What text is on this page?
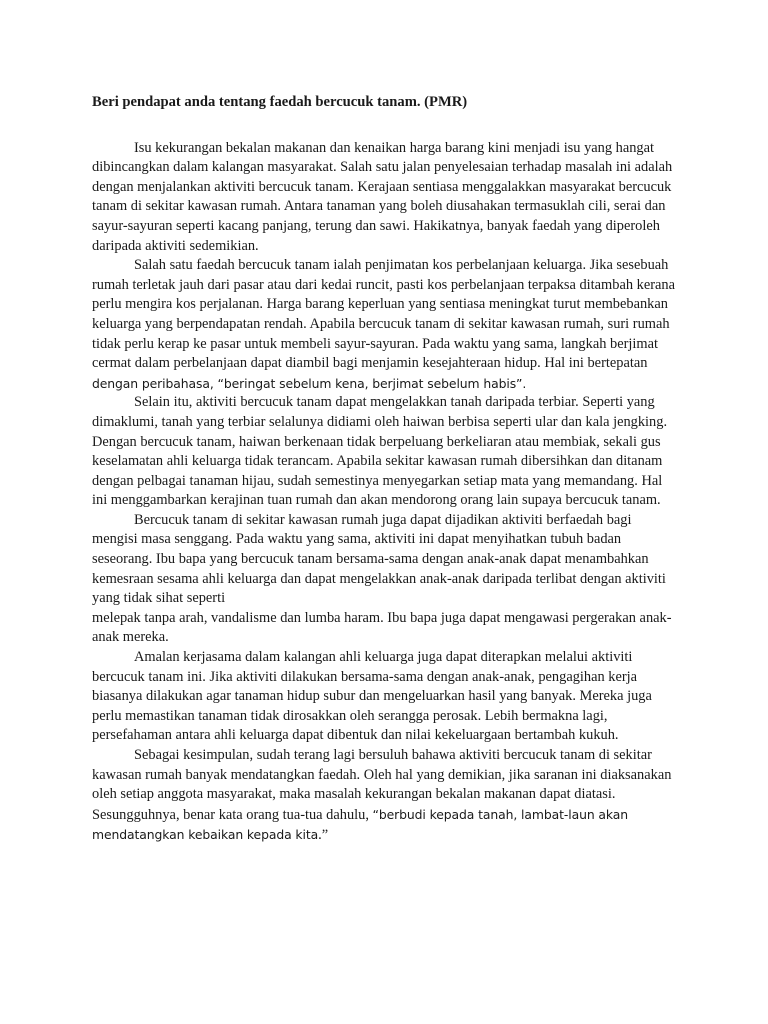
Beri pendapat anda tentang faedah bercucuk tanam. (PMR)
Isu kekurangan bekalan makanan dan kenaikan harga barang kini menjadi isu yang hangat
dibincangkan dalam kalangan masyarakat. Salah satu jalan penyelesaian terhadap masalah ini adalah
dengan menjalankan aktiviti bercucuk tanam. Kerajaan sentiasa menggalakkan masyarakat bercucuk
tanam di sekitar kawasan rumah. Antara tanaman yang boleh diusahakan termasuklah cili, serai dan
sayur-sayuran seperti kacang panjang, terung dan sawi. Hakikatnya, banyak faedah yang diperoleh
daripada aktiviti sedemikian.
Salah satu faedah bercucuk tanam ialah penjimatan kos perbelanjaan keluarga. Jika sesebuah
rumah terletak jauh dari pasar atau dari kedai runcit, pasti kos perbelanjaan terpaksa ditambah kerana
perlu mengira kos perjalanan. Harga barang keperluan yang sentiasa meningkat turut membebankan
keluarga yang berpendapatan rendah. Apabila bercucuk tanam di sekitar kawasan rumah, suri rumah
tidak perlu kerap ke pasar untuk membeli sayur-sayuran. Pada waktu yang sama, langkah berjimat
cermat dalam perbelanjaan dapat diambil bagi menjamin kesejahteraan hidup. Hal ini bertepatan
dengan peribahasa, “beringat sebelum kena, berjimat sebelum habis”.
Selain itu, aktiviti bercucuk tanam dapat mengelakkan tanah daripada terbiar. Seperti yang
dimaklumi, tanah yang terbiar selalunya didiami oleh haiwan berbisa seperti ular dan kala jengking.
Dengan bercucuk tanam, haiwan berkenaan tidak berpeluang berkeliaran atau membiak, sekali gus
keselamatan ahli keluarga tidak terancam. Apabila sekitar kawasan rumah dibersihkan dan ditanam
dengan pelbagai tanaman hijau, sudah semestinya menyegarkan setiap mata yang memandang. Hal
ini menggambarkan kerajinan tuan rumah dan akan mendorong orang lain supaya bercucuk tanam.
Bercucuk tanam di sekitar kawasan rumah juga dapat dijadikan aktiviti berfaedah bagi
mengisi masa senggang. Pada waktu yang sama, aktiviti ini dapat menyihatkan tubuh badan
seseorang. Ibu bapa yang bercucuk tanam bersama-sama dengan anak-anak dapat menambahkan
kemesraan sesama ahli keluarga dan dapat mengelakkan anak-anak daripada terlibat dengan aktiviti
yang tidak sihat seperti
melepak tanpa arah, vandalisme dan lumba haram. Ibu bapa juga dapat mengawasi pergerakan anak-
anak mereka.
Amalan kerjasama dalam kalangan ahli keluarga juga dapat diterapkan melalui aktiviti
bercucuk tanam ini. Jika aktiviti dilakukan bersama-sama dengan anak-anak, pengagihan kerja
biasanya dilakukan agar tanaman hidup subur dan mengeluarkan hasil yang banyak. Mereka juga
perlu memastikan tanaman tidak dirosakkan oleh serangga perosak. Lebih bermakna lagi,
persefahaman antara ahli keluarga dapat dibentuk dan nilai kekeluargaan bertambah kukuh.
Sebagai kesimpulan, sudah terang lagi bersuluh bahawa aktiviti bercucuk tanam di sekitar
kawasan rumah banyak mendatangkan faedah. Oleh hal yang demikian, jika saranan ini diaksanakan
oleh setiap anggota masyarakat, maka masalah kekurangan bekalan makanan dapat diatasi.
Sesungguhnya, benar kata orang tua-tua dahulu, “berbudi kepada tanah, lambat-laun akan
mendatangkan kebaikan kepada kita.”
